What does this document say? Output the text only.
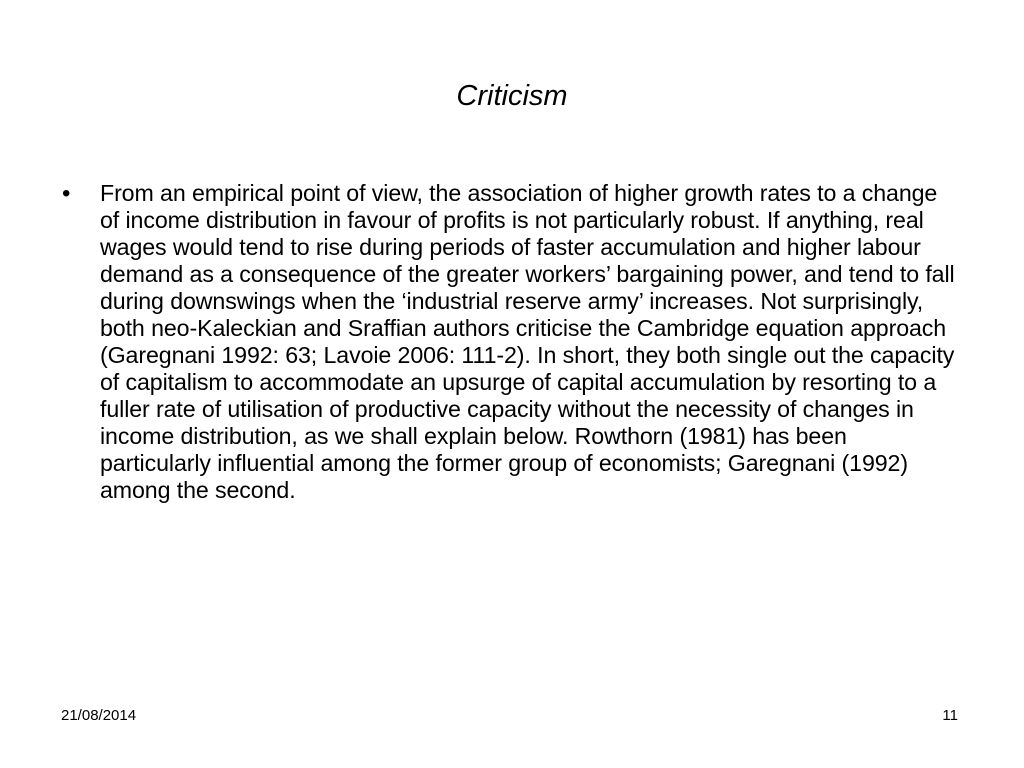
Criticism
• From an empirical point of view, the association of higher growth rates to a change of income distribution in favour of profits is not particularly robust. If anything, real wages would tend to rise during periods of faster accumulation and higher labour demand as a consequence of the greater workers’ bargaining power, and tend to fall during downswings when the ‘industrial reserve army’ increases. Not surprisingly, both neo-Kaleckian and Sraffian authors criticise the Cambridge equation approach (Garegnani 1992: 63; Lavoie 2006: 111-2). In short, they both single out the capacity of capitalism to accommodate an upsurge of capital accumulation by resorting to a fuller rate of utilisation of productive capacity without the necessity of changes in income distribution, as we shall explain below. Rowthorn (1981) has been particularly influential among the former group of economists; Garegnani (1992) among the second.

21/08/2014	11
